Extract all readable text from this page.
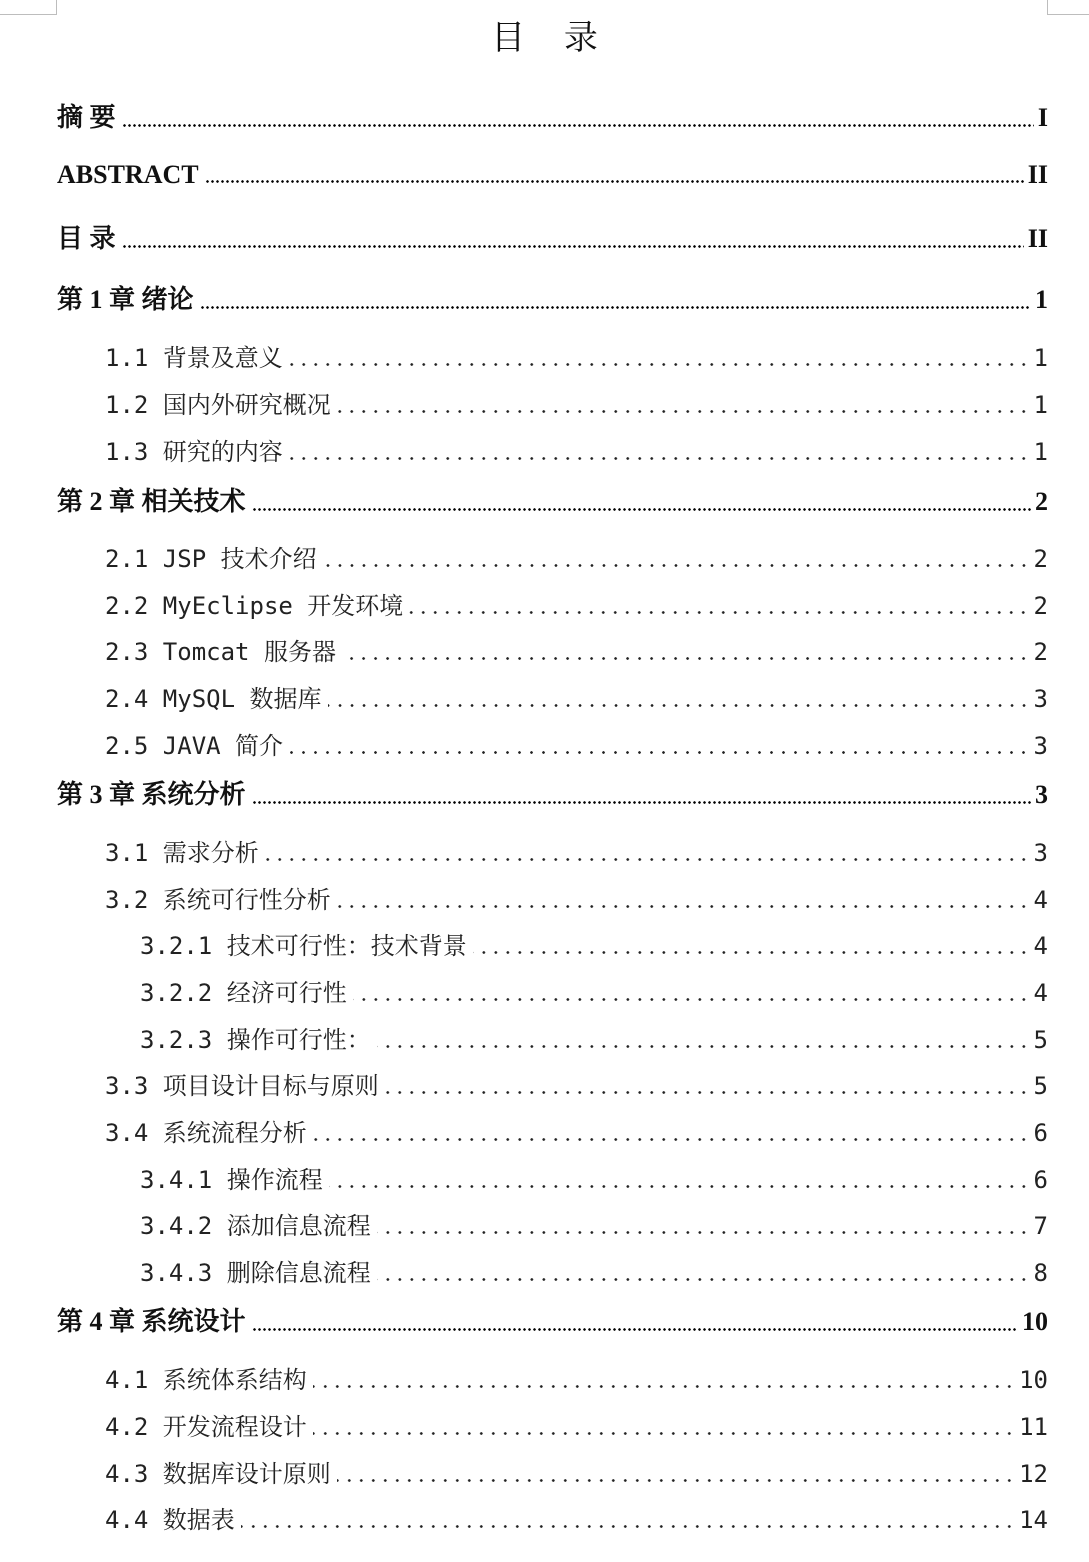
目 录
摘 要	I
ABSTRACT	II
目 录	II
第 1 章 绪论	1
1.1 背景及意义	1
1.2 国内外研究概况	1
1.3 研究的内容	1
第 2 章 相关技术	2
2.1 JSP 技术介绍	2
2.2 MyEclipse 开发环境	2
2.3 Tomcat 服务器	2
2.4 MySQL 数据库	3
2.5 JAVA 简介	3
第 3 章 系统分析	3
3.1 需求分析	3
3.2 系统可行性分析	4
3.2.1 技术可行性：技术背景	4
3.2.2 经济可行性	4
3.2.3 操作可行性：	5
3.3 项目设计目标与原则	5
3.4 系统流程分析	6
3.4.1 操作流程	6
3.4.2 添加信息流程	7
3.4.3 删除信息流程	8
第 4 章 系统设计	10
4.1 系统体系结构	10
4.2 开发流程设计	11
4.3 数据库设计原则	12
4.4 数据表	14
